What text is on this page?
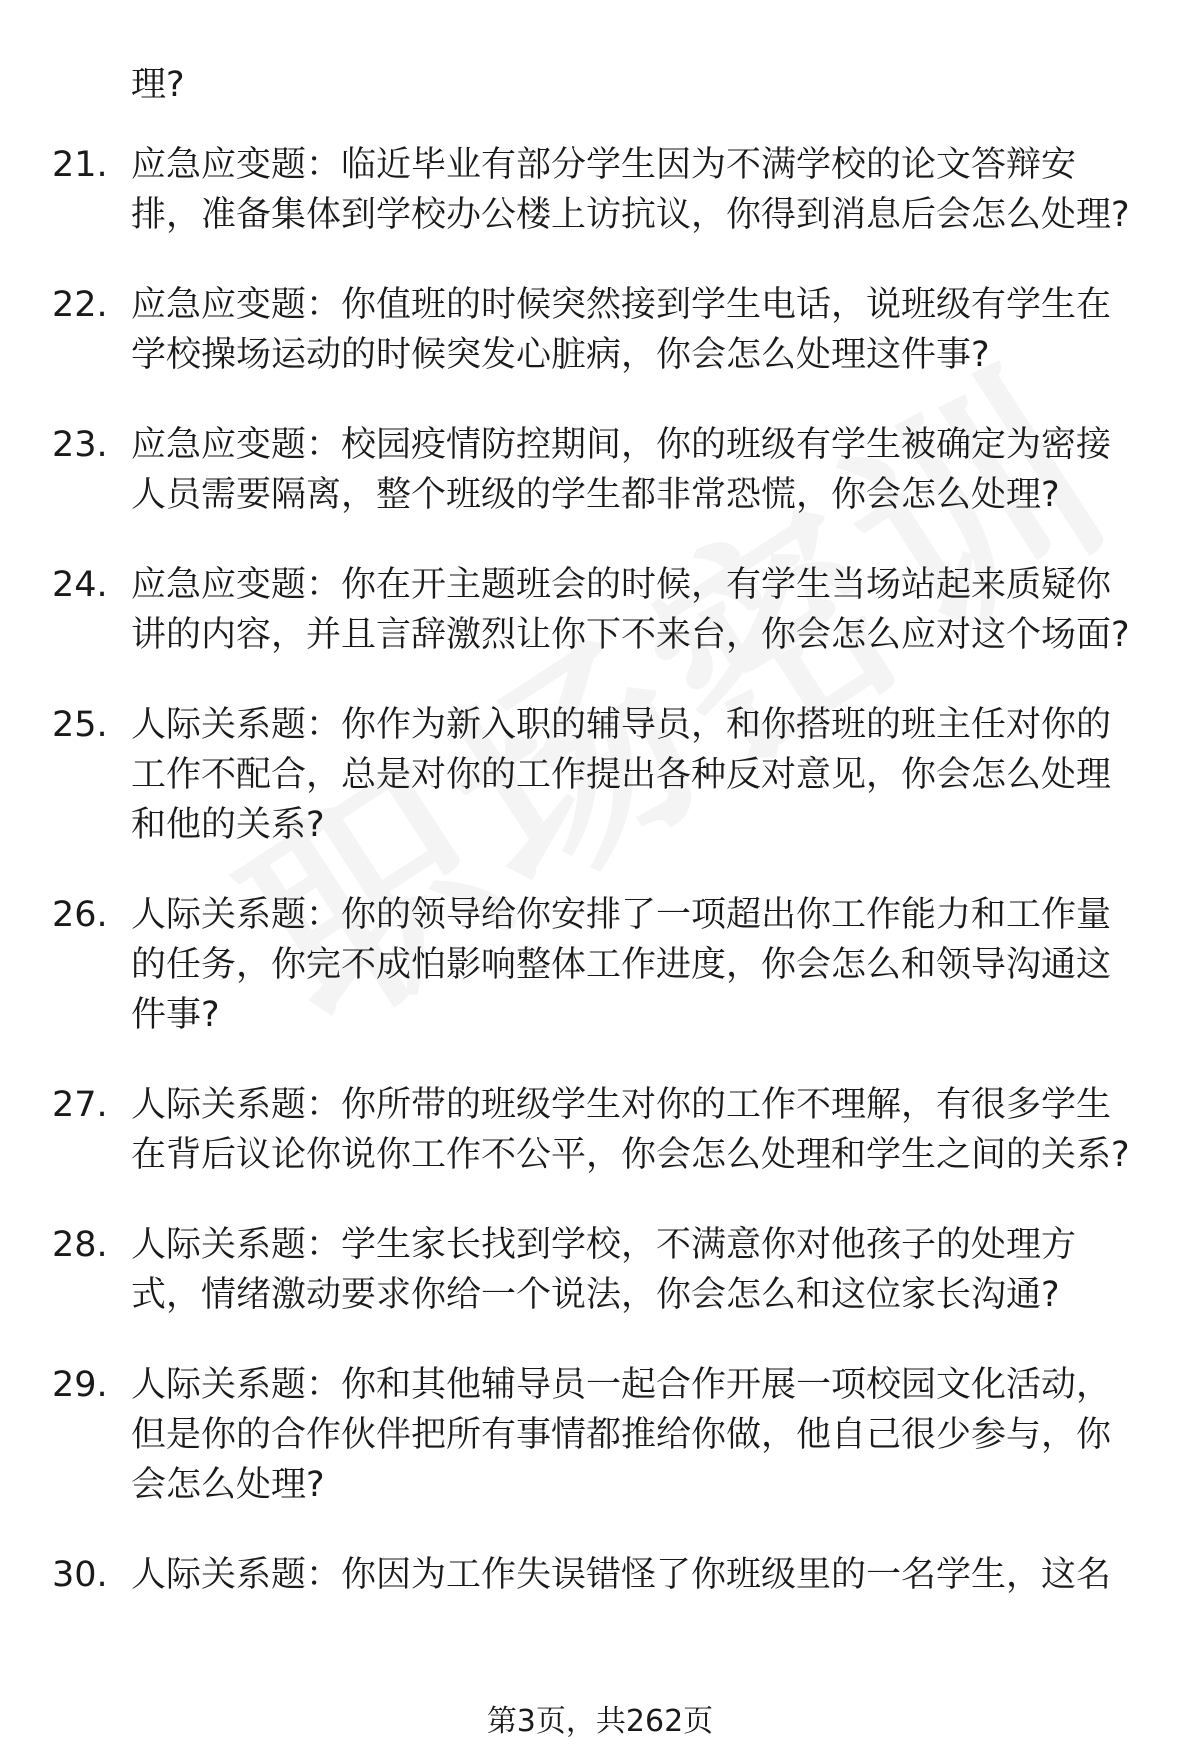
理?
21. 应急应变题：临近毕业有部分学生因为不满学校的论文答辩安排，准备集体到学校办公楼上访抗议，你得到消息后会怎么处理?
22. 应急应变题：你值班的时候突然接到学生电话，说班级有学生在学校操场运动的时候突发心脏病，你会怎么处理这件事?
23. 应急应变题：校园疫情防控期间，你的班级有学生被确定为密接人员需要隔离，整个班级的学生都非常恐慌，你会怎么处理?
24. 应急应变题：你在开主题班会的时候，有学生当场站起来质疑你讲的内容，并且言辞激烈让你下不来台，你会怎么应对这个场面?
25. 人际关系题：你作为新入职的辅导员，和你搭班的班主任对你的工作不配合，总是对你的工作提出各种反对意见，你会怎么处理和他的关系?
26. 人际关系题：你的领导给你安排了一项超出你工作能力和工作量的任务，你完不成怕影响整体工作进度，你会怎么和领导沟通这件事?
27. 人际关系题：你所带的班级学生对你的工作不理解，有很多学生在背后议论你说你工作不公平，你会怎么处理和学生之间的关系?
28. 人际关系题：学生家长找到学校，不满意你对他孩子的处理方式，情绪激动要求你给一个说法，你会怎么和这位家长沟通?
29. 人际关系题：你和其他辅导员一起合作开展一项校园文化活动，但是你的合作伙伴把所有事情都推给你做，他自己很少参与，你会怎么处理?
30. 人际关系题：你因为工作失误错怪了你班级里的一名学生，这名
第3页，共262页
